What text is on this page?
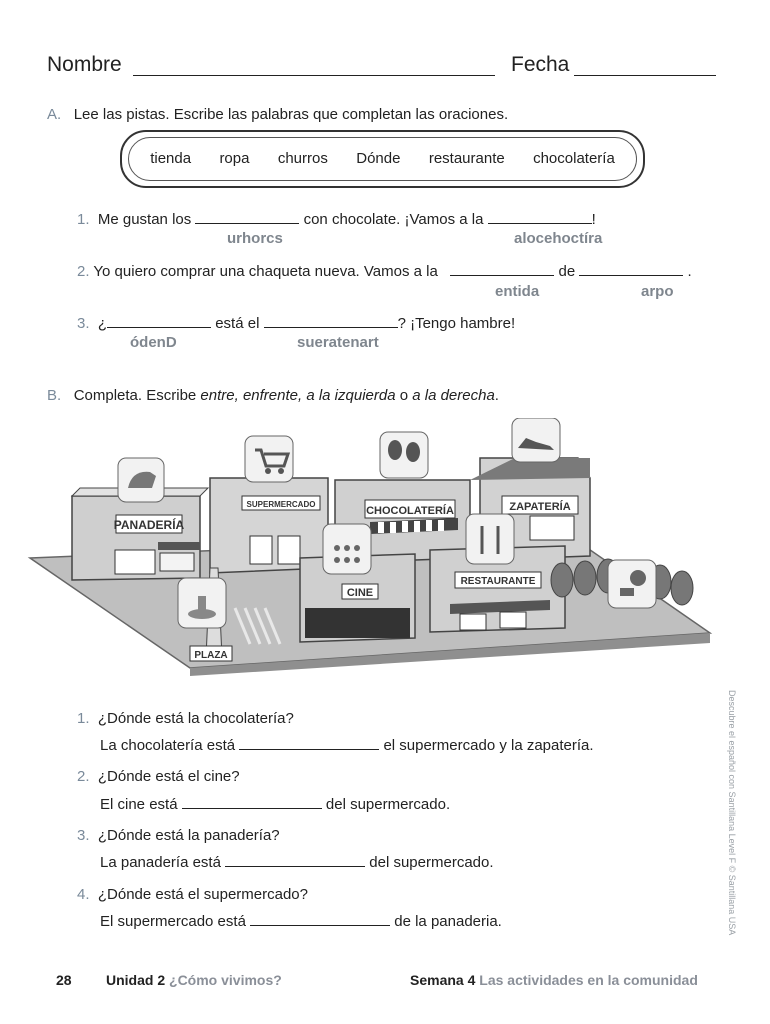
Nombre	Fecha
A. Lee las pistas. Escribe las palabras que completan las oraciones.
tienda ropa churros Dónde restaurante chocolatería
1. Me gustan los	con chocolate. ¡Vamos a la	!
urhorcs	alocehoctíra
2. Yo quiero comprar una chaqueta nueva. Vamos a la	de	.
entida	arpo
3. ¿	está el	? ¡Tengo hambre!
ódenD	sueratenart
B. Completa. Escribe entre, enfrente, a la izquierda o a la derecha.
PANADERÍA
SUPERMERCADO
CHOCOLATERÍA	ZAPATERÍA
CINE
RESTAURANTE
PLAZA
1. ¿Dónde está la chocolatería?
La chocolatería está	el supermercado y la zapatería.
2. ¿Dónde está el cine?
El cine está	del supermercado.
3. ¿Dónde está la panadería?
La panadería está	del supermercado.
4. ¿Dónde está el supermercado?
El supermercado está	de la panaderia.	Descubre el español con Santillana Level F © Santillana USA
28 Unidad 2 ¿Cómo vivimos?	Semana 4 Las actividades en la comunidad
